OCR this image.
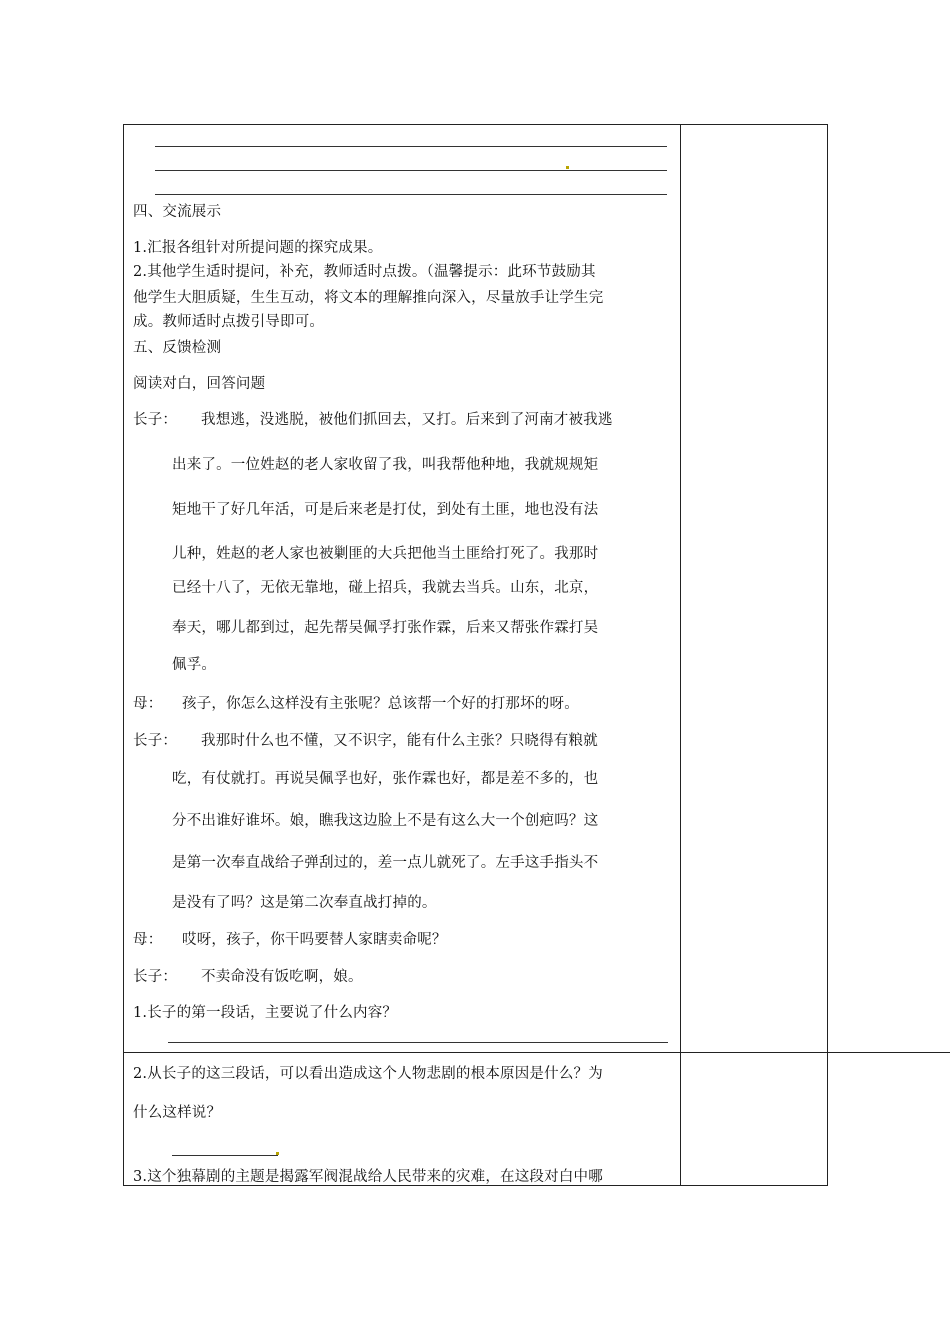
四、交流展示
1.汇报各组针对所提问题的探究成果。
2.其他学生适时提问，补充，教师适时点拨。（温馨提示：此环节鼓励其
他学生大胆质疑，生生互动，将文本的理解推向深入，尽量放手让学生完
成。教师适时点拨引导即可。
五、反馈检测
阅读对白，回答问题
长子： 我想逃，没逃脱，被他们抓回去，又打。后来到了河南才被我逃
出来了。一位姓赵的老人家收留了我，叫我帮他种地，我就规规矩
矩地干了好几年活，可是后来老是打仗，到处有土匪，地也没有法
儿种，姓赵的老人家也被剿匪的大兵把他当土匪给打死了。我那时
已经十八了，无依无靠地，碰上招兵，我就去当兵。山东，北京，
奉天，哪儿都到过，起先帮吴佩孚打张作霖，后来又帮张作霖打吴
佩孚。
母： 孩子，你怎么这样没有主张呢？总该帮一个好的打那坏的呀。
长子： 我那时什么也不懂，又不识字，能有什么主张？只晓得有粮就
吃，有仗就打。再说吴佩孚也好，张作霖也好，都是差不多的，也
分不出谁好谁坏。娘，瞧我这边脸上不是有这么大一个创疤吗？这
是第一次奉直战给子弹刮过的，差一点儿就死了。左手这手指头不
是没有了吗？这是第二次奉直战打掉的。
母： 哎呀，孩子，你干吗要替人家瞎卖命呢？
长子： 不卖命没有饭吃啊，娘。
1.长子的第一段话，主要说了什么内容？
2.从长子的这三段话，可以看出造成这个人物悲剧的根本原因是什么？为
什么这样说？
3.这个独幕剧的主题是揭露军阀混战给人民带来的灾难，在这段对白中哪
